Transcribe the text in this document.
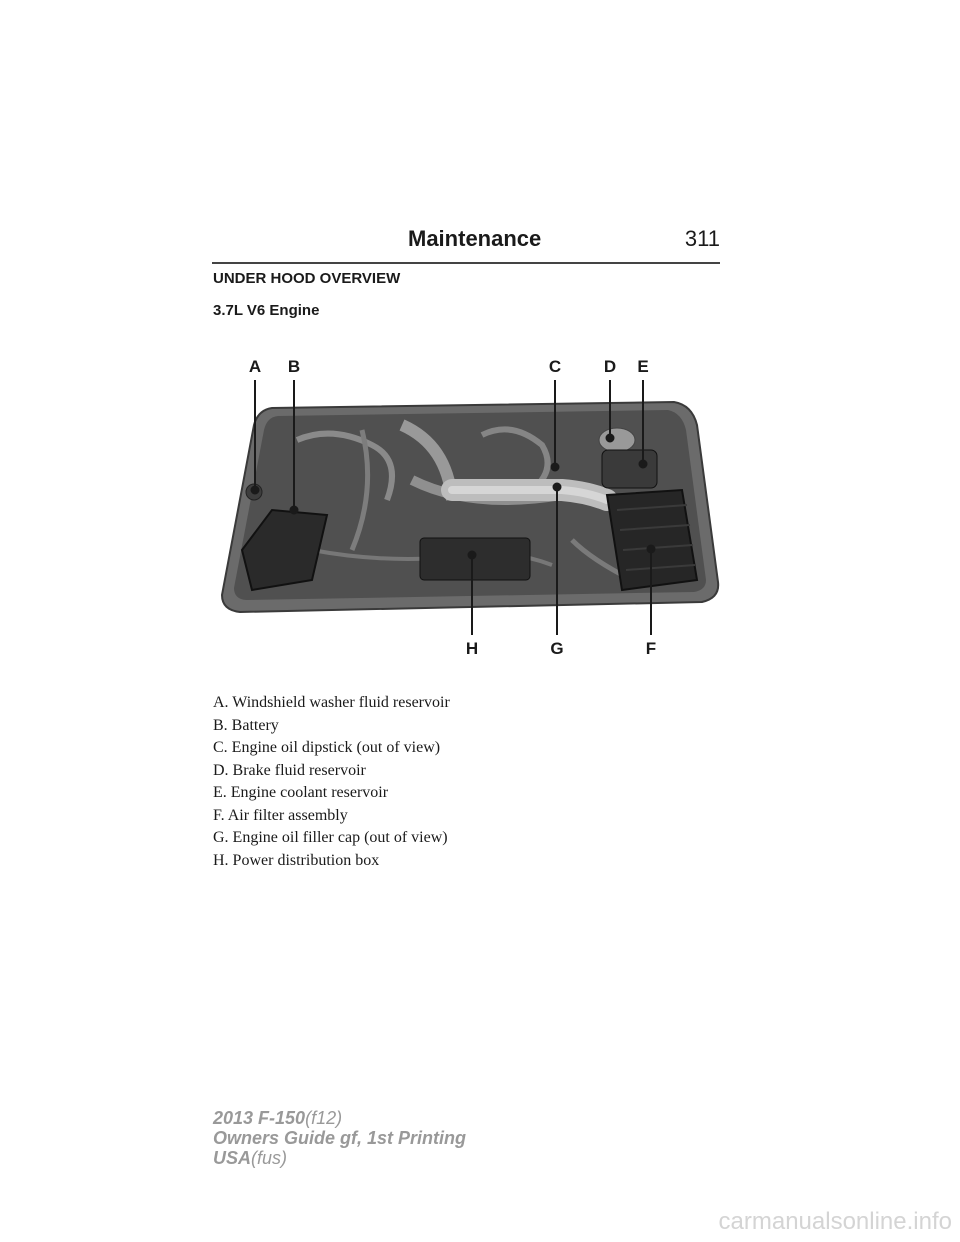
Maintenance	311
UNDER HOOD OVERVIEW
3.7L V6 Engine
A B	C	D E
H	G	F
A. Windshield washer fluid reservoir
B. Battery
C. Engine oil dipstick (out of view)
D. Brake fluid reservoir
E. Engine coolant reservoir
F. Air filter assembly
G. Engine oil filler cap (out of view)
H. Power distribution box
2013 F-150(f12)
Owners Guide gf, 1st Printing
USA(fus)
carmanualsonline.info
